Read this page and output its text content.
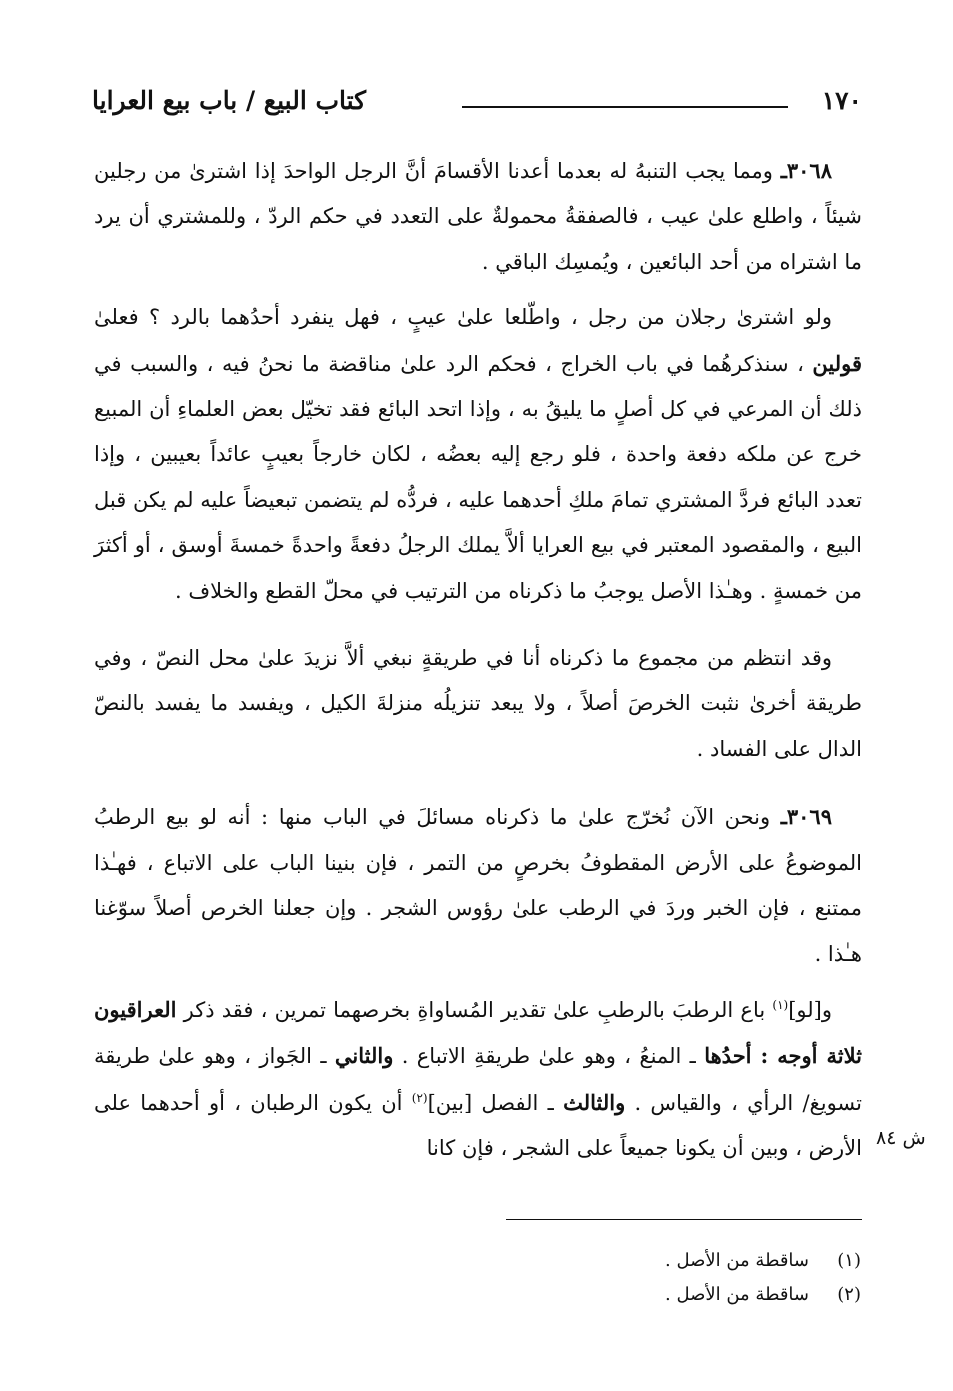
١٧٠
كتاب البيع / باب بيع العرايا

٣٠٦٨ـ ومما يجب التنبهُ له بعدما أعدنا الأقسامَ أنَّ الرجل الواحدَ إذا اشترىٰ من رجلين شيئاً ، واطلع علىٰ عيب ، فالصفقةُ محمولةٌ على التعدد في حكم الردّ ، وللمشتري أن يرد ما اشتراه من أحد البائعين ، ويُمسِك الباقي .

ولو اشترىٰ رجلان من رجل ، واطّلعا علىٰ عيبٍ ، فهل ينفرد أحدُهما بالرد ؟ فعلىٰ قولين ، سنذكرهُما في باب الخراج ، فحكم الرد علىٰ مناقضة ما نحنُ فيه ، والسبب في ذلك أن المرعي في كل أصلٍ ما يليقُ به ، وإذا اتحد البائع فقد تخيّل بعض العلماءِ أن المبيع خرج عن ملكه دفعة واحدة ، فلو رجع إليه بعضُه ، لكان خارجاً بعيبٍ عائداً بعيبين ، وإذا تعدد البائع فردَّ المشتري تمامَ ملكِ أحدهما عليه ، فردُّه لم يتضمن تبعيضاً عليه لم يكن قبل البيع ، والمقصود المعتبر في بيع العرايا ألاَّ يملك الرجلُ دفعةً واحدةً خمسةَ أوسق ، أو أكثرَ من خمسةٍ . وهـٰذا الأصل يوجبُ ما ذكرناه من الترتيب في محلّ القطع والخلاف .

وقد انتظم من مجموع ما ذكرناه أنا في طريقةٍ نبغي ألاَّ نزيدَ علىٰ محل النصّ ، وفي طريقة أخرىٰ نثبت الخرصَ أصلاً ، ولا يبعد تنزيلُه منزلةَ الكيل ، ويفسد ما يفسد بالنصّ الدال على الفساد .

٣٠٦٩ـ ونحن الآن نُخرّج علىٰ ما ذكرناه مسائلَ في الباب منها : أنه لو بيع الرطبُ الموضوعُ على الأرض المقطوفُ بخرصٍ من التمر ، فإن بنينا الباب على الاتباع ، فهـٰذا ممتنع ، فإن الخبر وردَ في الرطب علىٰ رؤوس الشجر . وإن جعلنا الخرص أصلاً سوّغنا هـٰذا .

و[لو]$^{(١)}$ باع الرطبَ بالرطبِ علىٰ تقدير المُساواةِ بخرصهما تمرين ، فقد ذكر العراقيون ثلاثة أوجه : أحدُها ـ المنعُ ، وهو علىٰ طريقةِ الاتباع . والثاني ـ الجَواز ، وهو علىٰ طريقة تسويغ/ الرأي ، والقياس . والثالث ـ الفصل [بين]$^{(٢)}$ أن يكون الرطبان ، أو أحدهما على الأرض ، وبين أن يكونا جميعاً على الشجر ، فإن كانا ش ٨٤
(١)ساقطة من الأصل .
(٢)ساقطة من الأصل .
